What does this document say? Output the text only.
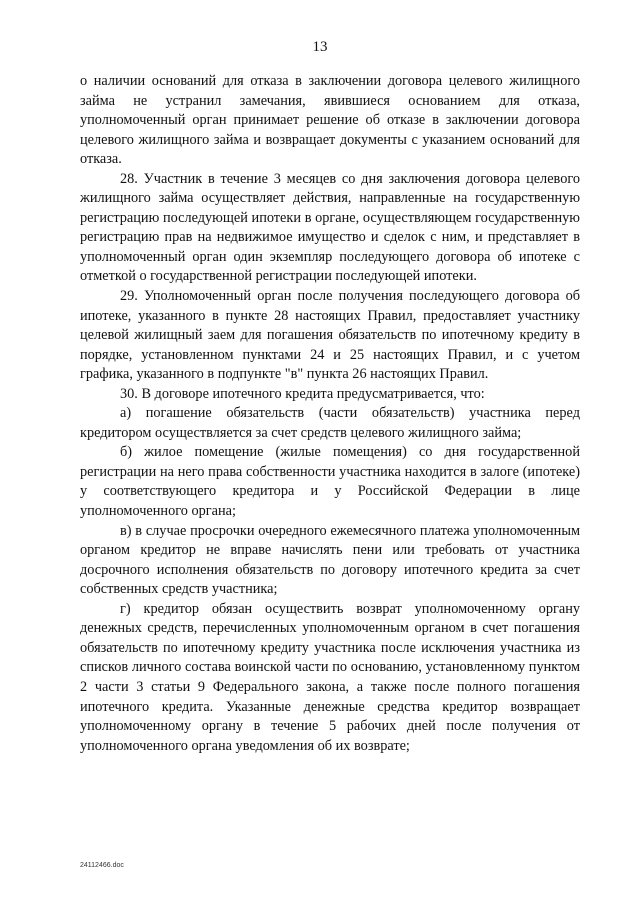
13

о наличии оснований для отказа в заключении договора целевого жилищного займа не устранил замечания, явившиеся основанием для отказа, уполномоченный орган принимает решение об отказе в заключении договора целевого жилищного займа и возвращает документы с указанием оснований для отказа.

28. Участник в течение 3 месяцев со дня заключения договора целевого жилищного займа осуществляет действия, направленные на государственную регистрацию последующей ипотеки в органе, осуществляющем государственную регистрацию прав на недвижимое имущество и сделок с ним, и представляет в уполномоченный орган один экземпляр последующего договора об ипотеке с отметкой о государственной регистрации последующей ипотеки.

29. Уполномоченный орган после получения последующего договора об ипотеке, указанного в пункте 28 настоящих Правил, предоставляет участнику целевой жилищный заем для погашения обязательств по ипотечному кредиту в порядке, установленном пунктами 24 и 25 настоящих Правил, и с учетом графика, указанного в подпункте "в" пункта 26 настоящих Правил.

30. В договоре ипотечного кредита предусматривается, что:

а) погашение обязательств (части обязательств) участника перед кредитором осуществляется за счет средств целевого жилищного займа;

б) жилое помещение (жилые помещения) со дня государственной регистрации на него права собственности участника находится в залоге (ипотеке) у соответствующего кредитора и у Российской Федерации в лице уполномоченного органа;

в) в случае просрочки очередного ежемесячного платежа уполномоченным органом кредитор не вправе начислять пени или требовать от участника досрочного исполнения обязательств по договору ипотечного кредита за счет собственных средств участника;

г) кредитор обязан осуществить возврат уполномоченному органу денежных средств, перечисленных уполномоченным органом в счет погашения обязательств по ипотечному кредиту участника после исключения участника из списков личного состава воинской части по основанию, установленному пунктом 2 части 3 статьи 9 Федерального закона, а также после полного погашения ипотечного кредита. Указанные денежные средства кредитор возвращает уполномоченному органу в течение 5 рабочих дней после получения от уполномоченного органа уведомления об их возврате;

24112466.doc
